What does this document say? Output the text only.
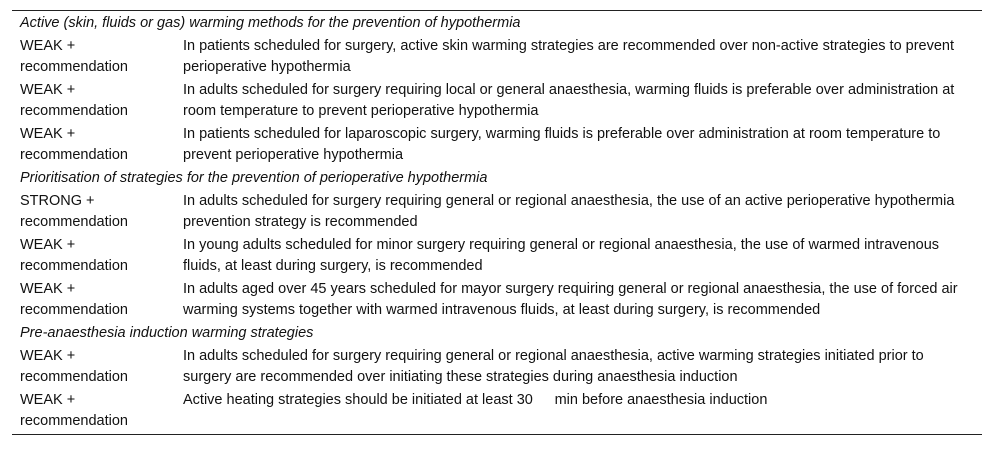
Active (skin, fluids or gas) warming methods for the prevention of hypothermia	
WEAK +
recommendation	In patients scheduled for surgery, active skin warming strategies are recommended over non-active strategies to prevent perioperative hypothermia
WEAK +
recommendation	In adults scheduled for surgery requiring local or general anaesthesia, warming fluids is preferable over administration at room temperature to prevent perioperative hypothermia
WEAK +
recommendation	In patients scheduled for laparoscopic surgery, warming fluids is preferable over administration at room temperature to prevent perioperative hypothermia
Prioritisation of strategies for the prevention of perioperative hypothermia	
STRONG +
recommendation	In adults scheduled for surgery requiring general or regional anaesthesia, the use of an active perioperative hypothermia prevention strategy is recommended
WEAK +
recommendation	In young adults scheduled for minor surgery requiring general or regional anaesthesia, the use of warmed intravenous fluids, at least during surgery, is recommended
WEAK +
recommendation	In adults aged over 45 years scheduled for mayor surgery requiring general or regional anaesthesia, the use of forced air warming systems together with warmed intravenous fluids, at least during surgery, is recommended
Pre-anaesthesia induction warming strategies	
WEAK +
recommendation	In adults scheduled for surgery requiring general or regional anaesthesia, active warming strategies initiated prior to surgery are recommended over initiating these strategies during anaesthesia induction
WEAK +
recommendation	Active heating strategies should be initiated at least 30   min before anaesthesia induction
